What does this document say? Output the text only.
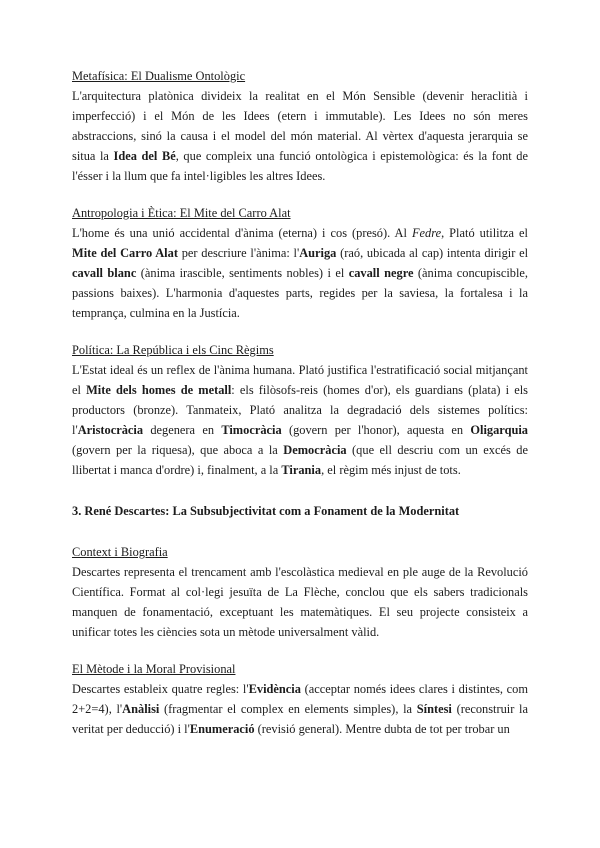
Metafísica: El Dualisme Ontològic

L'arquitectura platònica divideix la realitat en el Món Sensible (devenir heraclitià i imperfecció) i el Món de les Idees (etern i immutable). Les Idees no són meres abstraccions, sinó la causa i el model del món material. Al vèrtex d'aquesta jerarquia se situa la Idea del Bé, que compleix una funció ontològica i epistemològica: és la font de l'ésser i la llum que fa intel·ligibles les altres Idees.

Antropologia i Ètica: El Mite del Carro Alat

L'home és una unió accidental d'ànima (eterna) i cos (presó). Al Fedre, Plató utilitza el Mite del Carro Alat per descriure l'ànima: l'Auriga (raó, ubicada al cap) intenta dirigir el cavall blanc (ànima irascible, sentiments nobles) i el cavall negre (ànima concupiscible, passions baixes). L'harmonia d'aquestes parts, regides per la saviesa, la fortalesa i la temprança, culmina en la Justícia.

Política: La República i els Cinc Règims

L'Estat ideal és un reflex de l'ànima humana. Plató justifica l'estratificació social mitjançant el Mite dels homes de metall: els filòsofs-reis (homes d'or), els guardians (plata) i els productors (bronze). Tanmateix, Plató analitza la degradació dels sistemes polítics: l'Aristocràcia degenera en Timocràcia (govern per l'honor), aquesta en Oligarquia (govern per la riquesa), que aboca a la Democràcia (que ell descriu com un excés de llibertat i manca d'ordre) i, finalment, a la Tirania, el règim més injust de tots.

3. René Descartes: La Subsubjectivitat com a Fonament de la Modernitat

Context i Biografia

Descartes representa el trencament amb l'escolàstica medieval en ple auge de la Revolució Científica. Format al col·legi jesuïta de La Flèche, conclou que els sabers tradicionals manquen de fonamentació, exceptuant les matemàtiques. El seu projecte consisteix a unificar totes les ciències sota un mètode universalment vàlid.

El Mètode i la Moral Provisional

Descartes estableix quatre regles: l'Evidència (acceptar només idees clares i distintes, com 2+2=4), l'Anàlisi (fragmentar el complex en elements simples), la Síntesi (reconstruir la veritat per deducció) i l'Enumeració (revisió general). Mentre dubta de tot per trobar un
